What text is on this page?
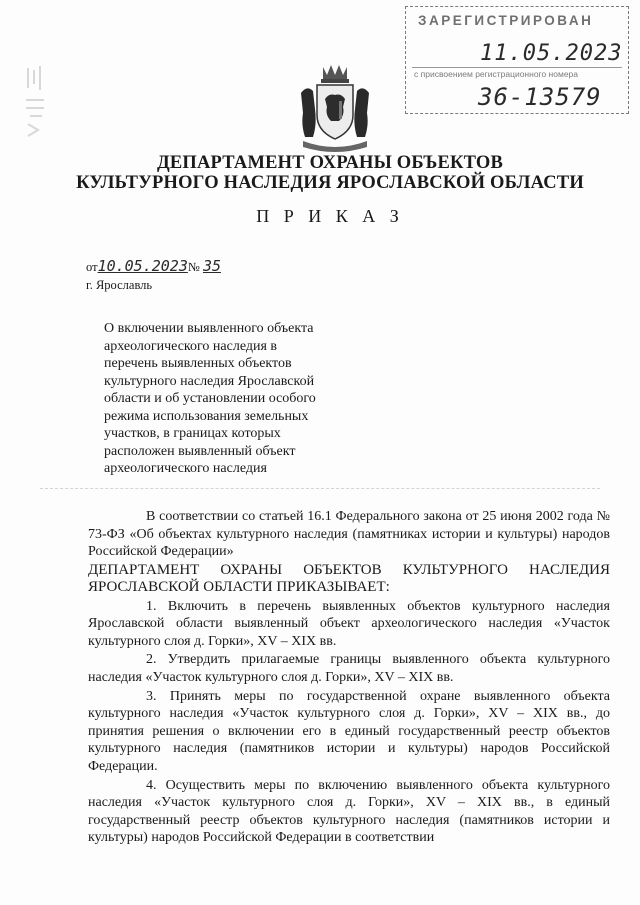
ЗАРЕГИСТРИРОВАН
11.05.2023
с присвоением регистрационного номера
36-13579
ДЕПАРТАМЕНТ ОХРАНЫ ОБЪЕКТОВ
КУЛЬТУРНОГО НАСЛЕДИЯ ЯРОСЛАВСКОЙ ОБЛАСТИ
П Р И К А З
от10.05.2023№ 35
г. Ярославль
О включении выявленного объекта
археологического наследия в
перечень выявленных объектов
культурного наследия Ярославской
области и об установлении особого
режима использования земельных
участков, в границах которых
расположен выявленный объект
археологического наследия

В соответствии со статьей 16.1 Федерального закона от 25 июня 2002 года № 73-ФЗ «Об объектах культурного наследия (памятниках истории и культуры) народов Российской Федерации»

ДЕПАРТАМЕНТ ОХРАНЫ ОБЪЕКТОВ КУЛЬТУРНОГО НАСЛЕДИЯ ЯРОСЛАВСКОЙ ОБЛАСТИ ПРИКАЗЫВАЕТ:

1. Включить в перечень выявленных объектов культурного наследия Ярославской области выявленный объект археологического наследия «Участок культурного слоя д. Горки», XV – XIX вв.

2. Утвердить прилагаемые границы выявленного объекта культурного наследия «Участок культурного слоя д. Горки», XV – XIX вв.

3. Принять меры по государственной охране выявленного объекта культурного наследия «Участок культурного слоя д. Горки», XV – XIX вв., до принятия решения о включении его в единый государственный реестр объектов культурного наследия (памятников истории и культуры) народов Российской Федерации.

4. Осуществить меры по включению выявленного объекта культурного наследия «Участок культурного слоя д. Горки», XV – XIX вв., в единый государственный реестр объектов культурного наследия (памятников истории и культуры) народов Российской Федерации в соответствии
